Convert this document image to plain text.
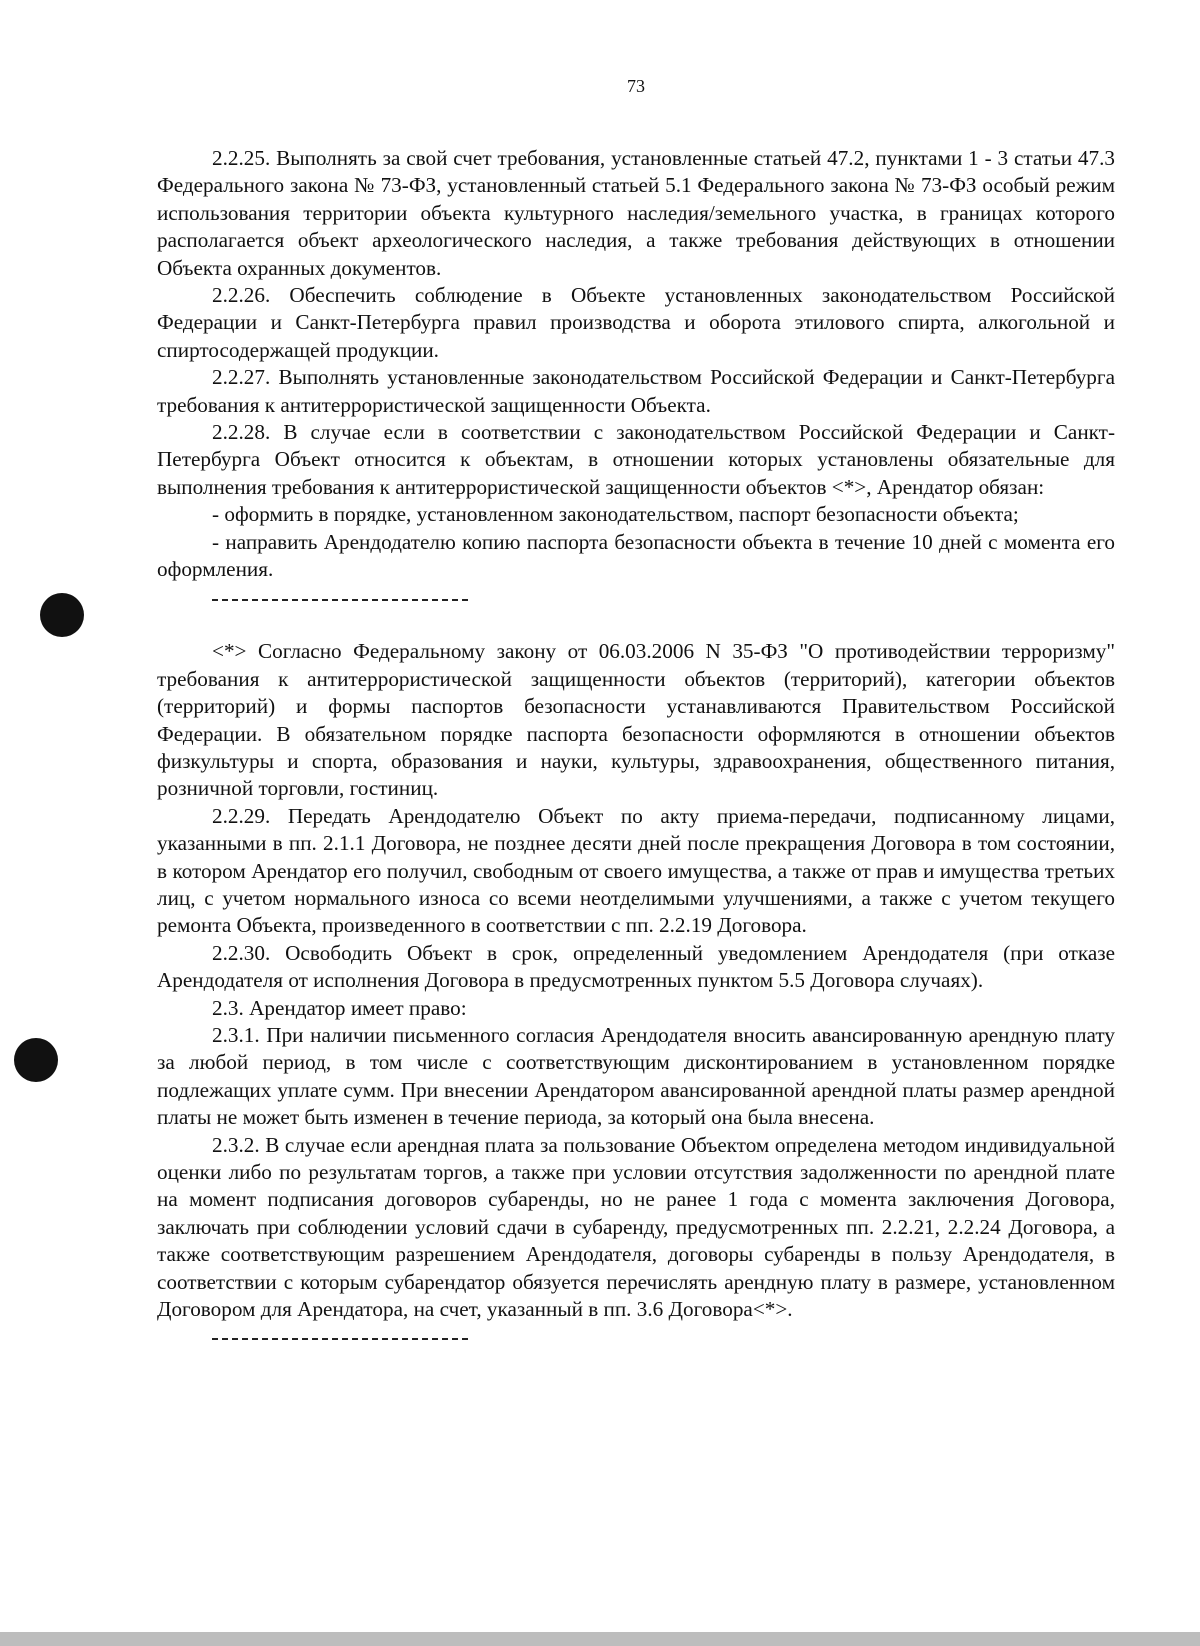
73

2.2.25. Выполнять за свой счет требования, установленные статьей 47.2, пунктами 1 - 3 статьи 47.3 Федерального закона № 73-ФЗ, установленный статьей 5.1 Федерального закона № 73-ФЗ особый режим использования территории объекта культурного наследия/земельного участка, в границах которого располагается объект археологического наследия, а также требования действующих в отношении Объекта охранных документов.

2.2.26. Обеспечить соблюдение в Объекте установленных законодательством Российской Федерации и Санкт-Петербурга правил производства и оборота этилового спирта, алкогольной и спиртосодержащей продукции.

2.2.27. Выполнять установленные законодательством Российской Федерации и Санкт-Петербурга требования к антитеррористической защищенности Объекта.

2.2.28. В случае если в соответствии с законодательством Российской Федерации и Санкт-Петербурга Объект относится к объектам, в отношении которых установлены обязательные для выполнения требования к антитеррористической защищенности объектов <*>, Арендатор обязан:

- оформить в порядке, установленном законодательством, паспорт безопасности объекта;

- направить Арендодателю копию паспорта безопасности объекта в течение 10 дней с момента его оформления.

<*> Согласно Федеральному закону от 06.03.2006 N 35-ФЗ "О противодействии терроризму" требования к антитеррористической защищенности объектов (территорий), категории объектов (территорий) и формы паспортов безопасности устанавливаются Правительством Российской Федерации. В обязательном порядке паспорта безопасности оформляются в отношении объектов физкультуры и спорта, образования и науки, культуры, здравоохранения, общественного питания, розничной торговли, гостиниц.

2.2.29. Передать Арендодателю Объект по акту приема-передачи, подписанному лицами, указанными в пп. 2.1.1 Договора, не позднее десяти дней после прекращения Договора в том состоянии, в котором Арендатор его получил, свободным от своего имущества, а также от прав и имущества третьих лиц, с учетом нормального износа со всеми неотделимыми улучшениями, а также с учетом текущего ремонта Объекта, произведенного в соответствии с пп. 2.2.19 Договора.

2.2.30. Освободить Объект в срок, определенный уведомлением Арендодателя (при отказе Арендодателя от исполнения Договора в предусмотренных пунктом 5.5 Договора случаях).

2.3. Арендатор имеет право:

2.3.1. При наличии письменного согласия Арендодателя вносить авансированную арендную плату за любой период, в том числе с соответствующим дисконтированием в установленном порядке подлежащих уплате сумм. При внесении Арендатором авансированной арендной платы размер арендной платы не может быть изменен в течение периода, за который она была внесена.

2.3.2. В случае если арендная плата за пользование Объектом определена методом индивидуальной оценки либо по результатам торгов, а также при условии отсутствия задолженности по арендной плате на момент подписания договоров субаренды, но не ранее 1 года с момента заключения Договора, заключать при соблюдении условий сдачи в субаренду, предусмотренных пп. 2.2.21, 2.2.24 Договора, а также соответствующим разрешением Арендодателя, договоры субаренды в пользу Арендодателя, в соответствии с которым субарендатор обязуется перечислять арендную плату в размере, установленном Договором для Арендатора, на счет, указанный в пп. 3.6 Договора<*>.
